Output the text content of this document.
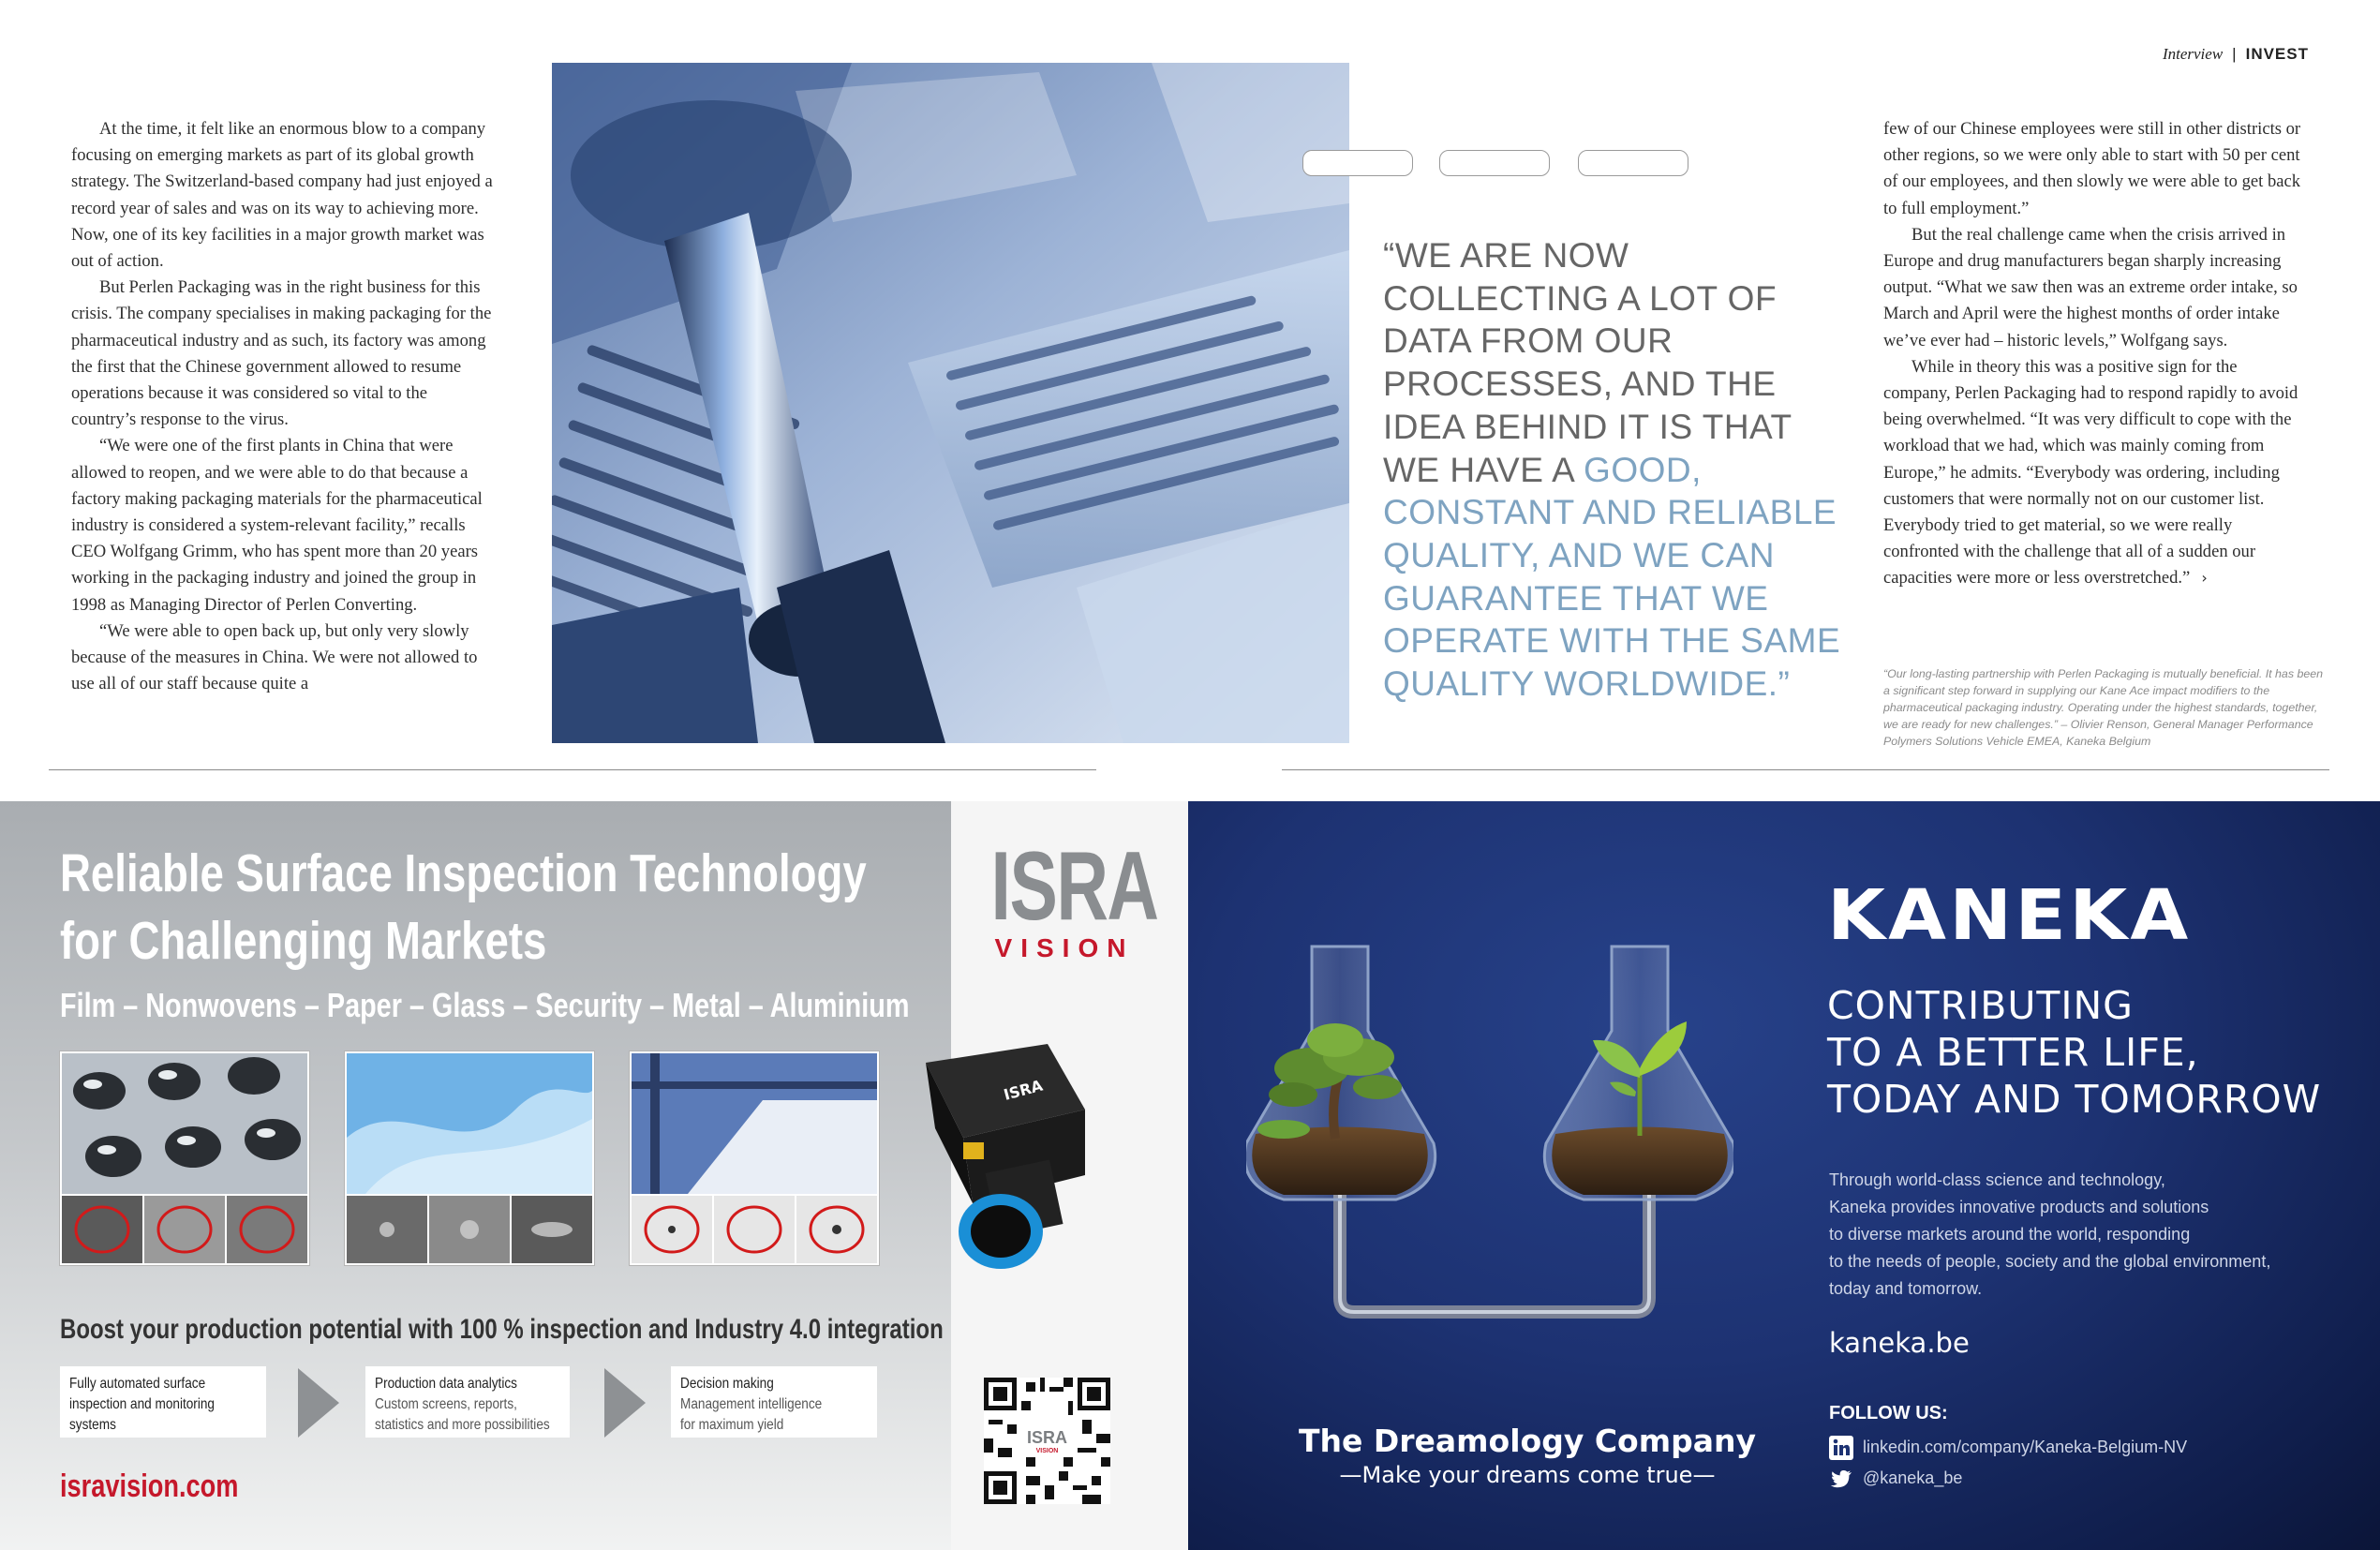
Interview | INVEST

At the time, it felt like an enormous blow to a company focusing on emerging markets as part of its global growth strategy. The Switzerland-based company had just enjoyed a record year of sales and was on its way to achieving more. Now, one of its key facilities in a major growth market was out of action.

But Perlen Packaging was in the right business for this crisis. The company specialises in making packaging for the pharmaceutical industry and as such, its factory was among the first that the Chinese government allowed to resume operations because it was considered so vital to the country’s response to the virus.

“We were one of the first plants in China that were allowed to reopen, and we were able to do that because a factory making packaging materials for the pharmaceutical industry is considered a system-relevant facility,” recalls CEO Wolfgang Grimm, who has spent more than 20 years working in the packaging industry and joined the group in 1998 as Managing Director of Perlen Converting.

“We were able to open back up, but only very slowly because of the measures in China. We were not allowed to use all of our staff because quite a

“WE ARE NOW COLLECTING A LOT OF DATA FROM OUR PROCESSES, AND THE IDEA BEHIND IT IS THAT WE HAVE A GOOD, CONSTANT AND RELIABLE QUALITY, AND WE CAN GUARANTEE THAT WE OPERATE WITH THE SAME QUALITY WORLDWIDE.”

few of our Chinese employees were still in other districts or other regions, so we were only able to start with 50 per cent of our employees, and then slowly we were able to get back to full employment.”

But the real challenge came when the crisis arrived in Europe and drug manufacturers began sharply increasing output. “What we saw then was an extreme order intake, so March and April were the highest months of order intake we’ve ever had – historic levels,” Wolfgang says.

While in theory this was a positive sign for the company, Perlen Packaging had to respond rapidly to avoid being overwhelmed. “It was very difficult to cope with the workload that we had, which was mainly coming from Europe,” he admits. “Everybody was ordering, including customers that were normally not on our customer list. Everybody tried to get material, so we were really confronted with the challenge that all of a sudden our capacities were more or less overstretched.” ›

“Our long-lasting partnership with Perlen Packaging is mutually beneficial. It has been a significant step forward in supplying our Kane Ace impact modifiers to the pharmaceutical packaging industry. Operating under the highest standards, together, we are ready for new challenges.” – Olivier Renson, General Manager Performance Polymers Solutions Vehicle EMEA, Kaneka Belgium
Reliable Surface Inspection Technology
for Challenging Markets
Film – Nonwovens – Paper – Glass – Security – Metal – Aluminium
ISRA
VISION
ISRA
Boost your production potential with 100 % inspection and Industry 4.0 integration
Fully automated surface
inspection and monitoring
systems
Production data analytics
Custom screens, reports,
statistics and more possibilities
Decision making
Management intelligence
for maximum yield
isravision.com
ISRA
VISION
KANEKA
CONTRIBUTING
TO A BETTER LIFE,
TODAY AND TOMORROW
Through world-class science and technology,
Kaneka provides innovative products and solutions
to diverse markets around the world, responding
to the needs of people, society and the global environment,
today and tomorrow.
kaneka.be
FOLLOW US:
linkedin.com/company/Kaneka-Belgium-NV
@kaneka_be
The Dreamology Company
—Make your dreams come true—
